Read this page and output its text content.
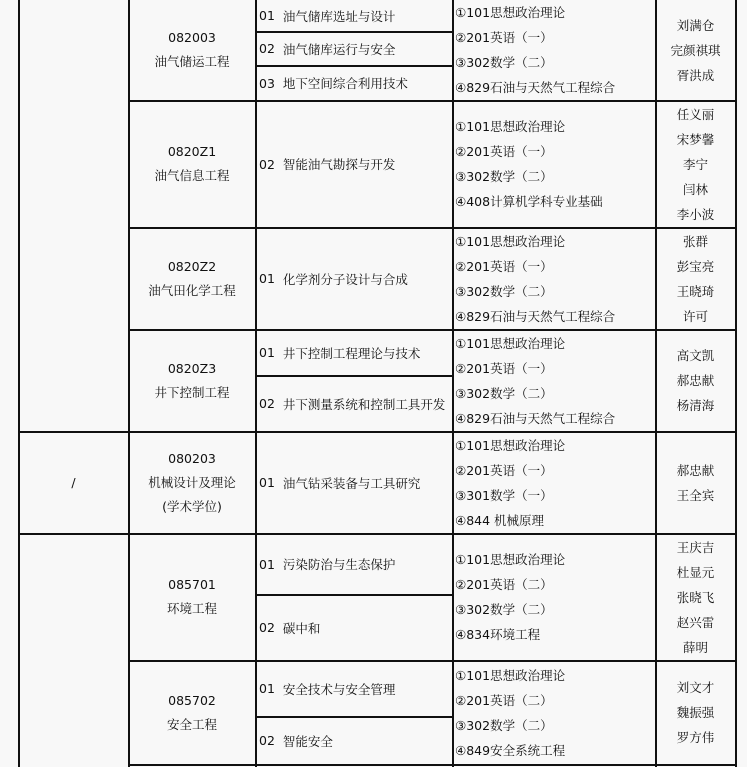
082003
油气储运工程
01 油气储库选址与设计
02 油气储库运行与安全
03 地下空间综合利用技术
①101思想政治理论
②201英语（一）
③302数学（二）
④829石油与天然气工程综合
刘满仓
完颜祺琪
胥洪成
0820Z1
油气信息工程
02 智能油气勘探与开发
①101思想政治理论
②201英语（一）
③302数学（二）
④408计算机学科专业基础
任义丽
宋梦馨
李宁
闫林
李小波
0820Z2
油气田化学工程
01 化学剂分子设计与合成
①101思想政治理论
②201英语（一）
③302数学（二）
④829石油与天然气工程综合
张群
彭宝亮
王晓琦
许可
0820Z3
井下控制工程
01 井下控制工程理论与技术
02 井下测量系统和控制工具开发
①101思想政治理论
②201英语（一）
③302数学（二）
④829石油与天然气工程综合
高文凯
郝忠献
杨清海
/
080203
机械设计及理论
(学术学位)
01 油气钻采装备与工具研究
①101思想政治理论
②201英语（一）
③301数学（一）
④844 机械原理
郝忠献
王全宾
085701
环境工程
01 污染防治与生态保护
02 碳中和
①101思想政治理论
②201英语（二）
③302数学（二）
④834环境工程
王庆吉
杜显元
张晓飞
赵兴雷
薛明
085702
安全工程
01 安全技术与安全管理
02 智能安全
①101思想政治理论
②201英语（二）
③302数学（二）
④849安全系统工程
刘文才
魏振强
罗方伟
